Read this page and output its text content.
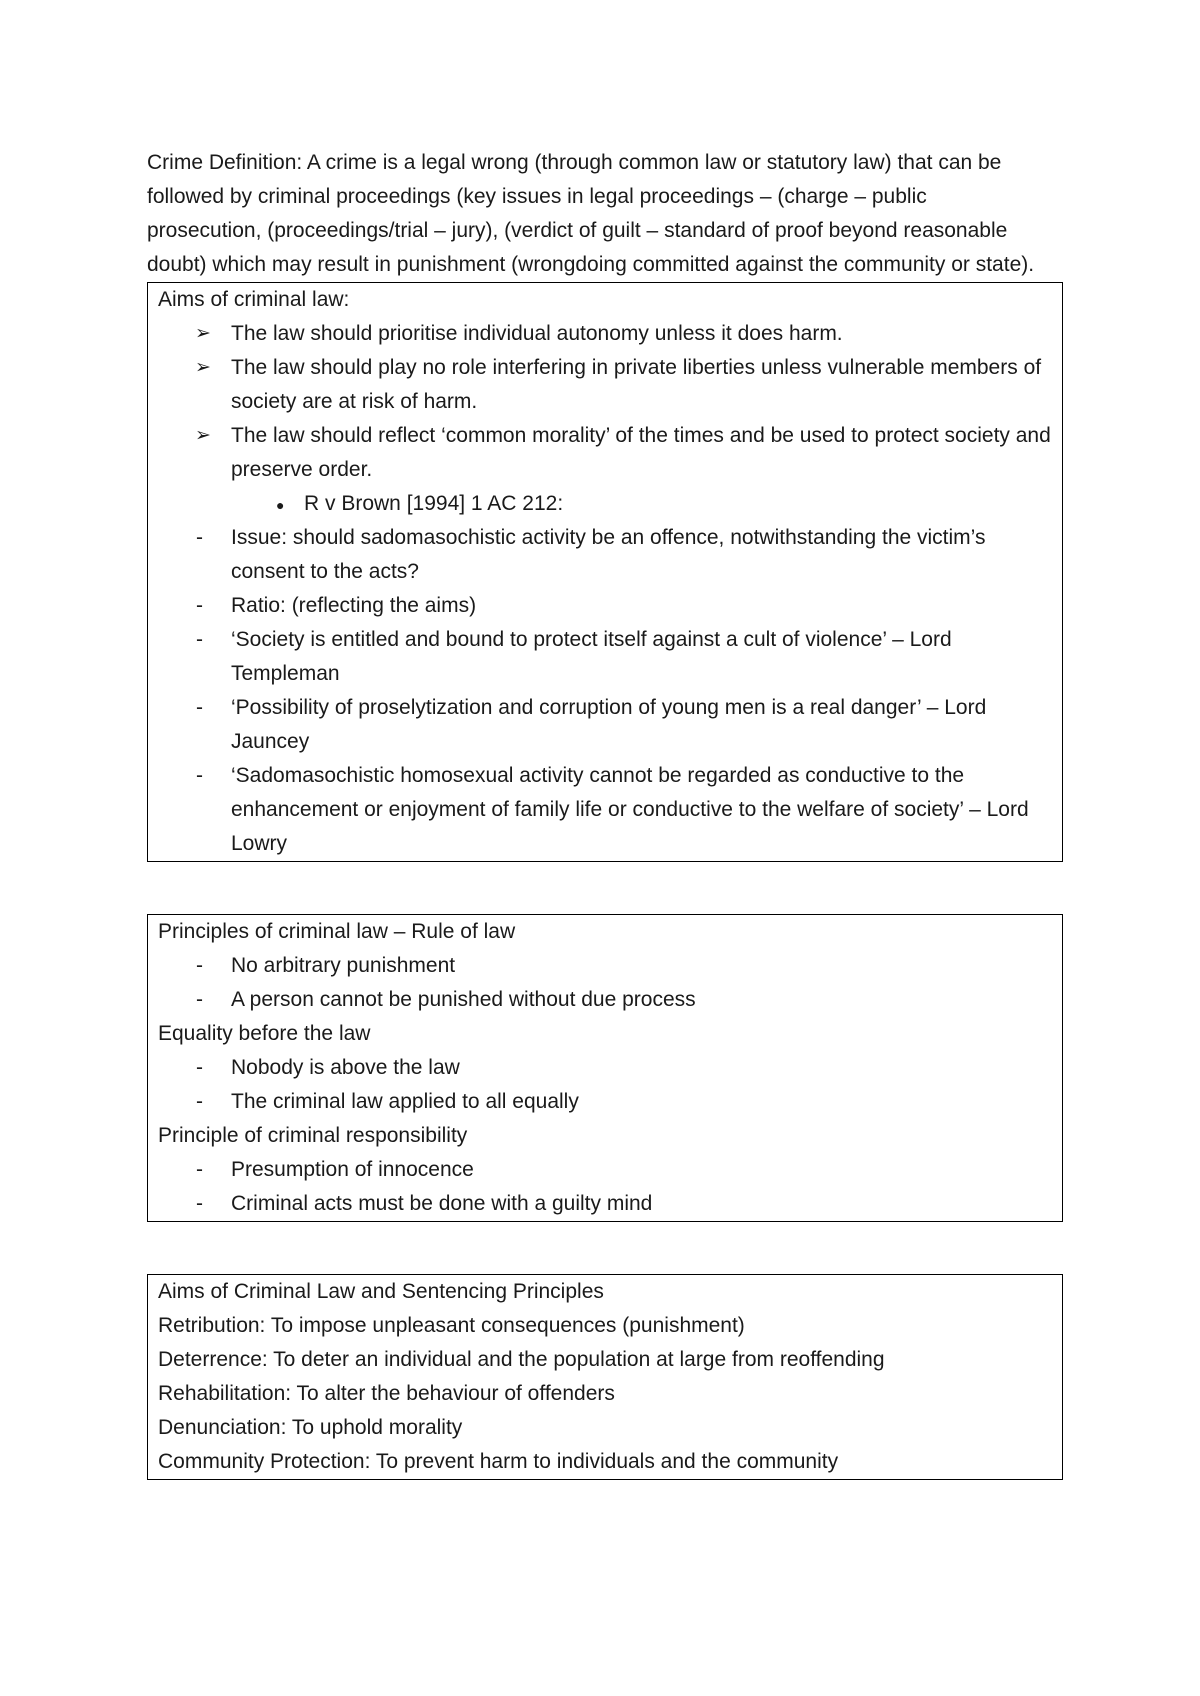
Crime Definition: A crime is a legal wrong (through common law or statutory law) that can be followed by criminal proceedings (key issues in legal proceedings – (charge – public prosecution, (proceedings/trial – jury), (verdict of guilt – standard of proof beyond reasonable doubt) which may result in punishment (wrongdoing committed against the community or state).

Aims of criminal law:
➢ The law should prioritise individual autonomy unless it does harm.
➢ The law should play no role interfering in private liberties unless vulnerable members of society are at risk of harm.
➢ The law should reflect ‘common morality’ of the times and be used to protect society and preserve order.
● R v Brown [1994] 1 AC 212:
- Issue: should sadomasochistic activity be an offence, notwithstanding the victim’s consent to the acts?
- Ratio: (reflecting the aims)
- ‘Society is entitled and bound to protect itself against a cult of violence’ – Lord Templeman
- ‘Possibility of proselytization and corruption of young men is a real danger’ – Lord Jauncey
- ‘Sadomasochistic homosexual activity cannot be regarded as conductive to the enhancement or enjoyment of family life or conductive to the welfare of society’ – Lord Lowry
Principles of criminal law – Rule of law
- No arbitrary punishment
- A person cannot be punished without due process
Equality before the law
- Nobody is above the law
- The criminal law applied to all equally
Principle of criminal responsibility
- Presumption of innocence
- Criminal acts must be done with a guilty mind
Aims of Criminal Law and Sentencing Principles
Retribution: To impose unpleasant consequences (punishment)
Deterrence: To deter an individual and the population at large from reoffending
Rehabilitation: To alter the behaviour of offenders
Denunciation: To uphold morality
Community Protection: To prevent harm to individuals and the community
